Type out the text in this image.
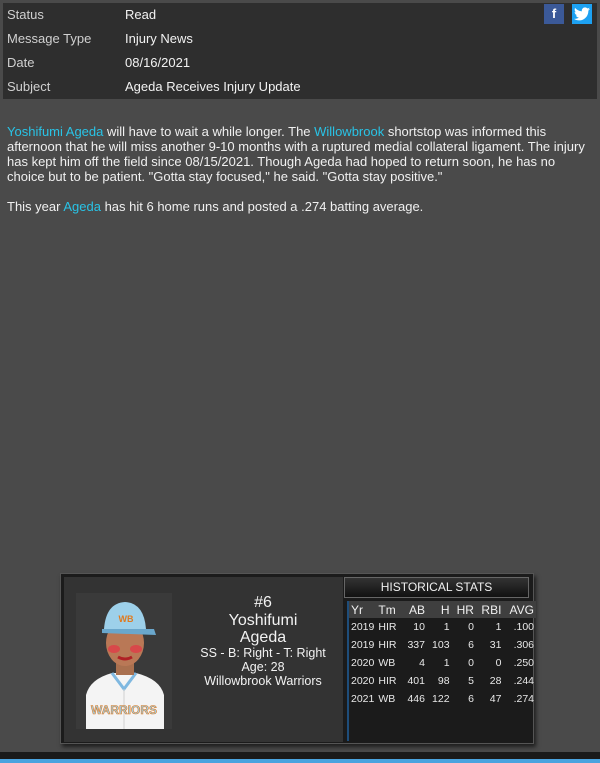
Status	Read
Message Type	Injury News
Date	08/16/2021
Subject	Ageda Receives Injury Update
f

Yoshifumi Ageda will have to wait a while longer. The Willowbrook shortstop was informed this afternoon that he will miss another 9-10 months with a ruptured medial collateral ligament. The injury has kept him off the field since 08/15/2021. Though Ageda had hoped to return soon, he has no choice but to be patient. "Gotta stay focused," he said. "Gotta stay positive."

This year Ageda has hit 6 home runs and posted a .274 batting average.

WB
WARRIORS
#6
Yoshifumi
Ageda
SS - B: Right - T: Right
Age: 28
Willowbrook Warriors
HISTORICAL STATS
Yr	Tm	AB	H	HR	RBI	AVG
2019	HIR	10	1	0	1	.100
2019	HIR	337	103	6	31	.306
2020	WB	4	1	0	0	.250
2020	HIR	401	98	5	28	.244
2021	WB	446	122	6	47	.274
